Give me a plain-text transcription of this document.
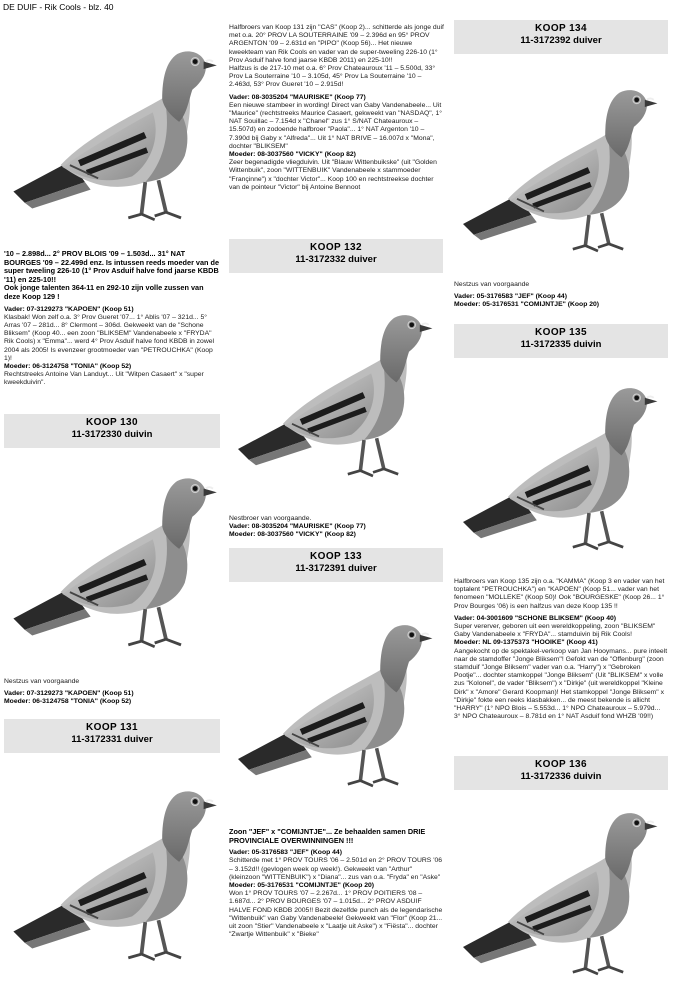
DE DUIF - Rik Cools - blz. 40

'10 – 2.898d... 2° PROV BLOIS '09 – 1.503d... 31° NAT BOURGES '09 – 22.499d enz. Is intussen reeds moeder van de super tweeling 226-10 (1° Prov Asduif halve fond jaarse KBDB '11) en 225-10!!

Ook jonge talenten 364-11 en 292-10 zijn volle zussen van deze Koop 129 !

Vader: 07-3129273 "KAPOEN" (Koop 51)

Klasbak! Won zelf o.a. 3° Prov Gueret '07... 1° Ablis '07 – 321d... 5° Arras '07 – 281d... 8° Clermont – 306d. Gekweekt van de "Schone Bliksem" (Koop 40... een zoon "BLIKSEM" Vandenabeele x "FRYDA" Rik Cools) x "Emma"... werd 4° Prov Asduif halve fond KBDB in zowel 2004 als 2005! Is evenzeer grootmoeder van "PETROUCHKA" (Koop 1)!

Moeder: 06-3124758 "TONIA" (Koop 52)

Rechtstreeks Antoine Van Landuyt... Uit "Witpen Casaert" x "super kweekduivin".

KOOP 130
11-3172330 duivin

Nestzus van voorgaande

Vader: 07-3129273 "KAPOEN" (Koop 51)

Moeder: 06-3124758 "TONIA" (Koop 52)

KOOP 131
11-3172331 duiver

Halfbroers van Koop 131 zijn "CAS" (Koop 2)... schitterde als jonge duif met o.a. 20° PROV LA SOUTERRAINE '09 – 2.396d en 95° PROV ARGENTON '09 – 2.631d en "PIPO" (Koop 56)... Het nieuwe kweekteam van Rik Cools en vader van de super-tweeling 226-10 (1° Prov Asduif halve fond jaarse KBDB 2011) en 225-10!!

Halfzus is de 217-10 met o.a. 6° Prov Chateauroux '11 – 5.500d, 33° Prov La Souterraine '10 – 3.105d, 45° Prov La Souterraine '10 – 2.463d, 53° Prov Gueret '10 – 2.915d!

Vader: 08-3035204 "MAURISKE" (Koop 77)

Een nieuwe stambeer in wording! Direct van Gaby Vandenabeele... Uit "Maurice" (rechtstreeks Maurice Casaert, gekweekt van "NASDAQ", 1° NAT Souillac – 7.154d x "Chanel" zus 1° S/NAT Chateauroux – 15.507d) en zodoende halfbroer "Paola"... 1° NAT Argenton '10 – 7.390d bij Gaby x "Alfreda"... Uit 1° NAT BRIVE – 16.007d x "Mona", dochter "BLIKSEM"

Moeder: 08-3037560 "VICKY" (Koop 82)

Zeer begenadigde vliegduivin. Uit "Blauw Wittenbuikske" (uit "Golden Wittenbuik", zoon "WITTENBUIK" Vandenabeele x stammoeder "Françinne") x "dochter Victor"... Koop 100 en rechtstreekse dochter van de pointeur "Victor" bij Antoine Bennoot

KOOP 132
11-3172332 duiver

Nestbroer van voorgaande.

Vader: 08-3035204 "MAURISKE" (Koop 77)

Moeder: 08-3037560 "VICKY" (Koop 82)

KOOP 133
11-3172391 duiver

Zoon "JEF" x "COMIJNTJE"... Ze behaalden samen DRIE PROVINCIALE OVERWINNINGEN !!!

Vader: 05-3176583 "JEF" (Koop 44)

Schitterde met 1° PROV TOURS '06 – 2.501d en 2° PROV TOURS '06 – 3.152d!! (gevlogen week op week!). Gekweekt van "Arthur" (kleinzoon "WITTENBUIK") x "Diana"... zus van o.a. "Fryda" en "Aske"

Moeder: 05-3176531 "COMIJNTJE" (Koop 20)

Won 1° PROV TOURS '07 – 2.267d... 1° PROV POITIERS '08 – 1.687d... 2° PROV BOURGES '07 – 1.015d... 2° PROV ASDUIF HALVE FOND KBDB 2005!! Bezit dezelfde punch als de legendarische "Wittenbuik" van Gaby Vandenabeele! Gekweekt van "Flor" (Koop 21... uit zoon "Stier" Vandenabeele x "Laatje uit Aske") x "Fiësta"... dochter "Zwartje Wittenbuik" x "Bieke"

KOOP 134
11-3172392 duiver

Nestzus van voorgaande

Vader: 05-3176583 "JEF" (Koop 44)

Moeder: 05-3176531 "COMIJNTJE" (Koop 20)

KOOP 135
11-3172335 duivin

Halfbroers van Koop 135 zijn o.a. "KAMMA" (Koop 3 en vader van het toptalent "PETROUCHKA") en "KAPOEN" (Koop 51... vader van het fenomeen "MOLLEKE" (Koop 50)! Ook "BOURGESKE" (Koop 26... 1° Prov Bourges '06) is een halfzus van deze Koop 135 !!

Vader: 04-3001609 "SCHONE BLIKSEM" (Koop 40)

Super vererver, geboren uit een wereldkoppeling, zoon "BLIKSEM" Gaby Vandenabeele x "FRYDA"... stamduivin bij Rik Cools!

Moeder: NL 09-1375373 "HOOIKE" (Koop 41)

Aangekocht op de spektakel-verkoop van Jan Hooymans... pure inteelt naar de stamdoffer "Jonge Bliksem"! Gefokt van de "Offenburg" (zoon stamduif "Jonge Bliksem" vader van o.a. "Harry") x "Gebroken Pootje"... dochter stamkoppel "Jonge Bliksem" (Uit "BLIKSEM" x volle zus "Kolonel", de vader "Bliksem") x "Dirkje" (uit wereldkoppel "Kleine Dirk" x "Amore" Gerard Koopman)! Het stamkoppel "Jonge Bliksem" x "Dirkje" fokte een reeks klasbakken... de meest bekende is allicht "HARRY" (1° NPO Blois – 5.553d... 1° NPO Chateauroux – 5.979d... 3° NPO Chateauroux – 8.781d en 1° NAT Asduif fond WHZB '09!!)

KOOP 136
11-3172336 duivin
